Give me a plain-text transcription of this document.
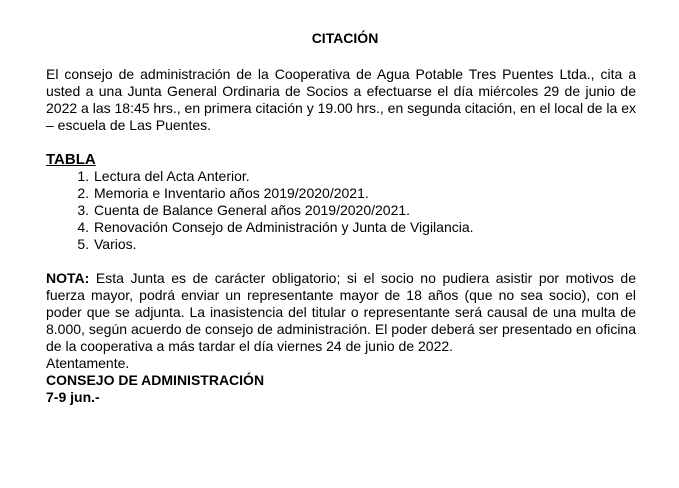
CITACIÓN

El consejo de administración de la Cooperativa de Agua Potable Tres Puentes Ltda., cita a usted a una Junta General Ordinaria de Socios a efectuarse el día miércoles 29 de junio de 2022 a las 18:45 hrs., en primera citación y 19.00 hrs., en segunda citación, en el local de la ex – escuela de Las Puentes.

TABLA

1. Lectura del Acta Anterior.
2. Memoria e Inventario años 2019/2020/2021.
3. Cuenta de Balance General años 2019/2020/2021.
4. Renovación Consejo de Administración y Junta de Vigilancia.
5. Varios.

NOTA: Esta Junta es de carácter obligatorio; si el socio no pudiera asistir por motivos de fuerza mayor, podrá enviar un representante mayor de 18 años (que no sea socio), con el poder que se adjunta. La inasistencia del titular o representante será causal de una multa de 8.000, según acuerdo de consejo de administración. El poder deberá ser presentado en oficina de la cooperativa a más tardar el día viernes 24 de junio de 2022.

Atentamente.

CONSEJO DE ADMINISTRACIÓN

7-9 jun.-
